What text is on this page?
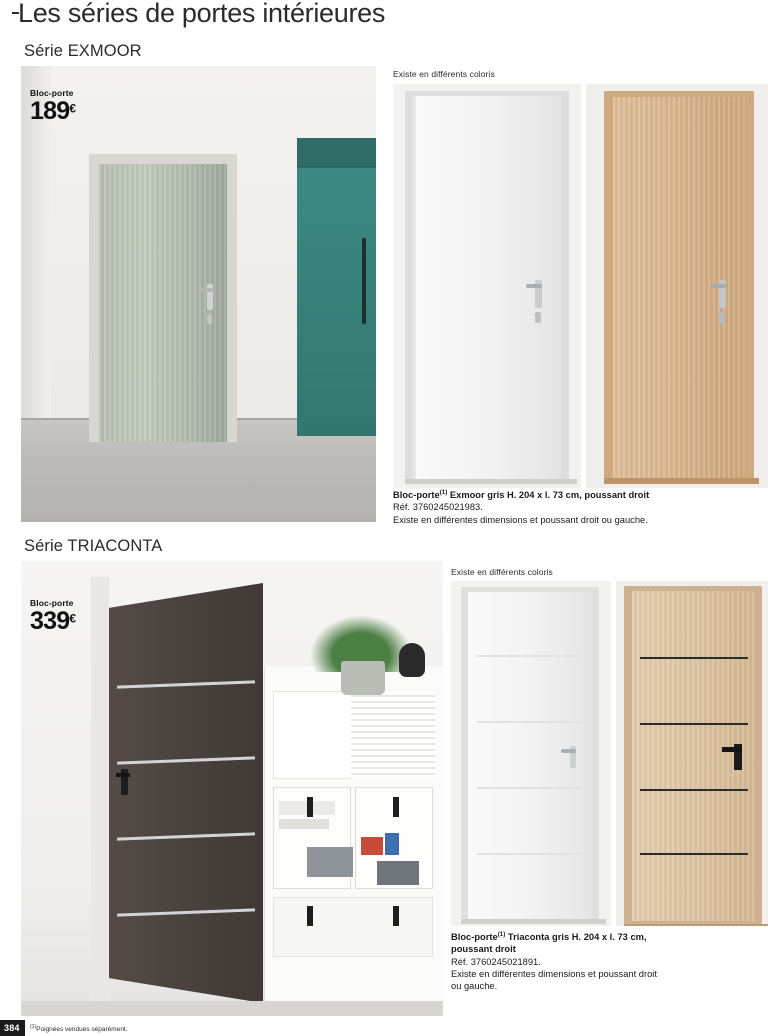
Les séries de portes intérieures
Série EXMOOR
Bloc-porte
189€
Existe en différents coloris
Bloc-porte$^{(1)}$ Exmoor gris H. 204 x l. 73 cm, poussant droit
Réf. 3760245021983.
Existe en différentes dimensions et poussant droit ou gauche.
Série TRIACONTA
Bloc-porte
339€
Existe en différents coloris
Bloc-porte$^{(1)}$ Triaconta gris H. 204 x l. 73 cm,
poussant droit
Réf. 3760245021891.
Existe en différentes dimensions et poussant droit
ou gauche.
384	$^{(1)}$Poignées vendues séparément.
